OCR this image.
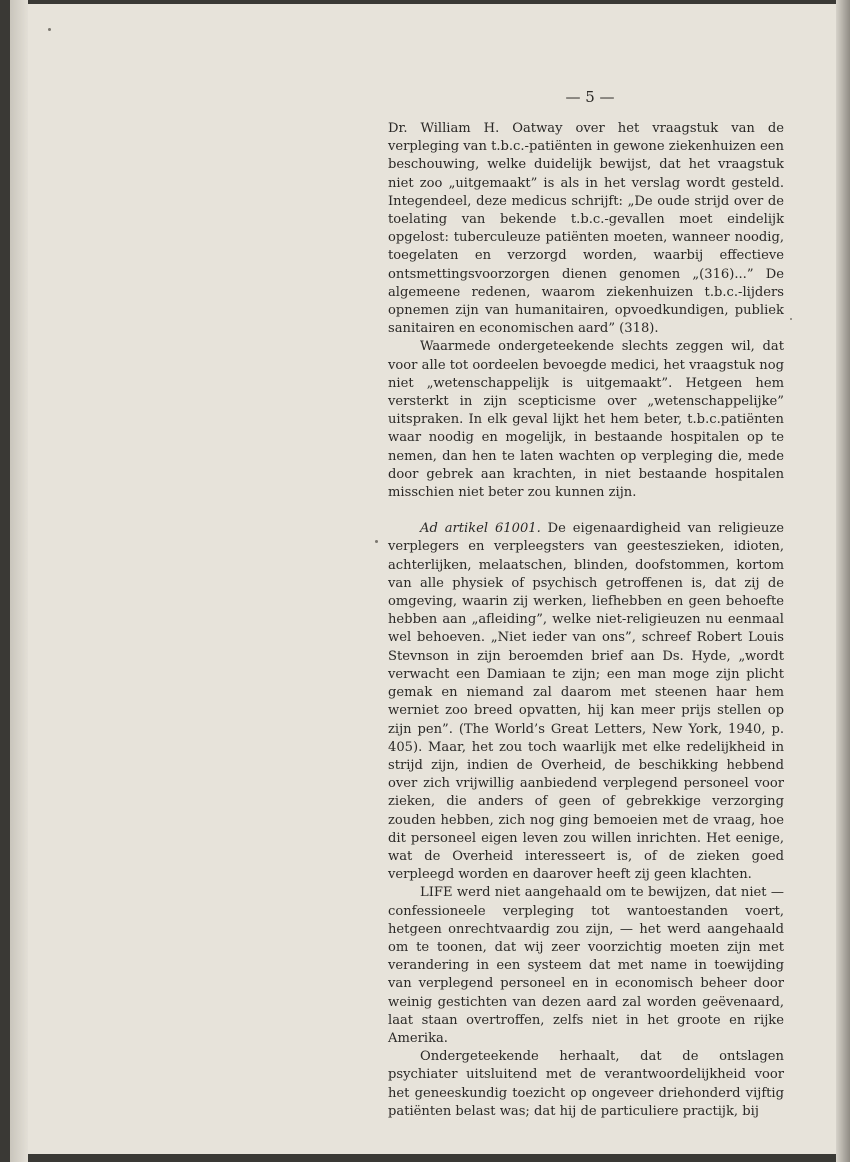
— 5 —

Dr. William H. Oatway over het vraagstuk van de verpleging van t.b.c.-patiënten in gewone ziekenhuizen een beschouwing, welke duidelijk bewijst, dat het vraagstuk niet zoo „uitgemaakt” is als in het verslag wordt gesteld. Integendeel, deze medicus schrijft: „De oude strijd over de toelating van bekende t.b.c.-gevallen moet eindelijk opgelost: tuberculeuze patiënten moeten, wanneer noodig, toegelaten en verzorgd worden, waarbij effectieve ontsmettingsvoorzorgen dienen genomen „(316)...” De algemeene redenen, waarom ziekenhuizen t.b.c.-lijders opnemen zijn van humanitairen, opvoedkundigen, publiek sanitairen en economischen aard” (318).

Waarmede ondergeteekende slechts zeggen wil, dat voor alle tot oordeelen bevoegde medici, het vraagstuk nog niet „wetenschappelijk is uitgemaakt”. Hetgeen hem versterkt in zijn scepticisme over „wetenschappelijke” uitspraken. In elk geval lijkt het hem beter, t.b.c.patiënten waar noodig en mogelijk, in bestaande hospitalen op te nemen, dan hen te laten wachten op verpleging die, mede door gebrek aan krachten, in niet bestaande hospitalen misschien niet beter zou kunnen zijn.

Ad artikel 61001. De eigenaardigheid van religieuze verplegers en verpleegsters van geesteszieken, idioten, achterlijken, melaatschen, blinden, doofstommen, kortom van alle physiek of psychisch getroffenen is, dat zij de omgeving, waarin zij werken, liefhebben en geen behoefte hebben aan „afleiding”, welke niet-religieuzen nu eenmaal wel behoeven. „Niet ieder van ons”, schreef Robert Louis Stevnson in zijn beroemden brief aan Ds. Hyde, „wordt verwacht een Damiaan te zijn; een man moge zijn plicht gemak en niemand zal daarom met steenen haar hem werniet zoo breed opvatten, hij kan meer prijs stellen op zijn pen”. (The World’s Great Letters, New York, 1940, p. 405). Maar, het zou toch waarlijk met elke redelijkheid in strijd zijn, indien de Overheid, de beschikking hebbend over zich vrijwillig aanbiedend verplegend personeel voor zieken, die anders of geen of gebrekkige verzorging zouden hebben, zich nog ging bemoeien met de vraag, hoe dit personeel eigen leven zou willen inrichten. Het eenige, wat de Overheid interesseert is, of de zieken goed verpleegd worden en daarover heeft zij geen klachten.

LIFE werd niet aangehaald om te bewijzen, dat niet — confessioneele verpleging tot wantoestanden voert, hetgeen onrechtvaardig zou zijn, — het werd aangehaald om te toonen, dat wij zeer voorzichtig moeten zijn met verandering in een systeem dat met name in toewijding van verplegend personeel en in economisch beheer door weinig gestichten van dezen aard zal worden geëvenaard, laat staan overtroffen, zelfs niet in het groote en rijke Amerika.

Ondergeteekende herhaalt, dat de ontslagen psychiater uitsluitend met de verantwoordelijkheid voor het geneeskundig toezicht op ongeveer driehonderd vijftig patiënten belast was; dat hij de particuliere practijk, bij
